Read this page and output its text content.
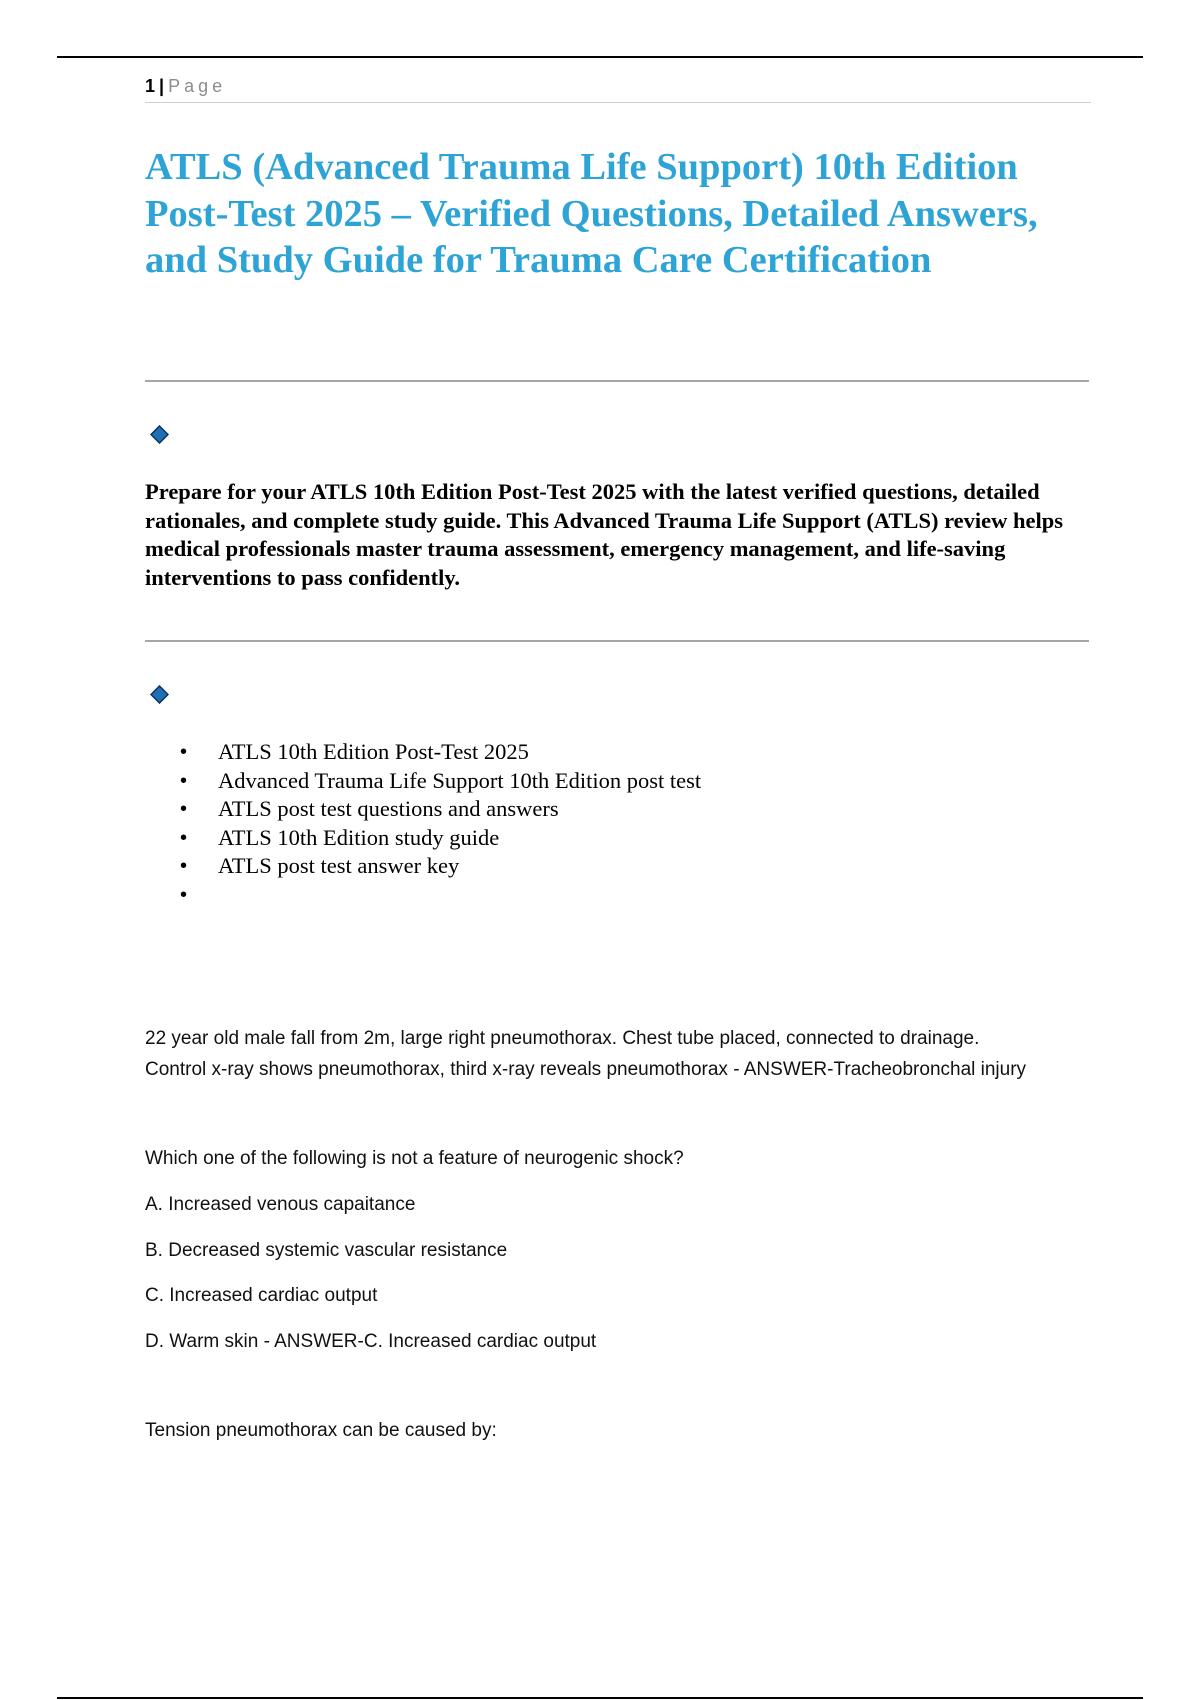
1 | Page
ATLS (Advanced Trauma Life Support) 10th Edition Post-Test 2025 – Verified Questions, Detailed Answers, and Study Guide for Trauma Care Certification

Prepare for your ATLS 10th Edition Post-Test 2025 with the latest verified questions, detailed rationales, and complete study guide. This Advanced Trauma Life Support (ATLS) review helps medical professionals master trauma assessment, emergency management, and life-saving interventions to pass confidently.

• ATLS 10th Edition Post-Test 2025
• Advanced Trauma Life Support 10th Edition post test
• ATLS post test questions and answers
• ATLS 10th Edition study guide
• ATLS post test answer key
•

22 year old male fall from 2m, large right pneumothorax. Chest tube placed, connected to drainage.

Control x-ray shows pneumothorax, third x-ray reveals pneumothorax - ANSWER-Tracheobronchal injury

Which one of the following is not a feature of neurogenic shock?

A. Increased venous capaitance

B. Decreased systemic vascular resistance

C. Increased cardiac output

D. Warm skin - ANSWER-C. Increased cardiac output

Tension pneumothorax can be caused by:
